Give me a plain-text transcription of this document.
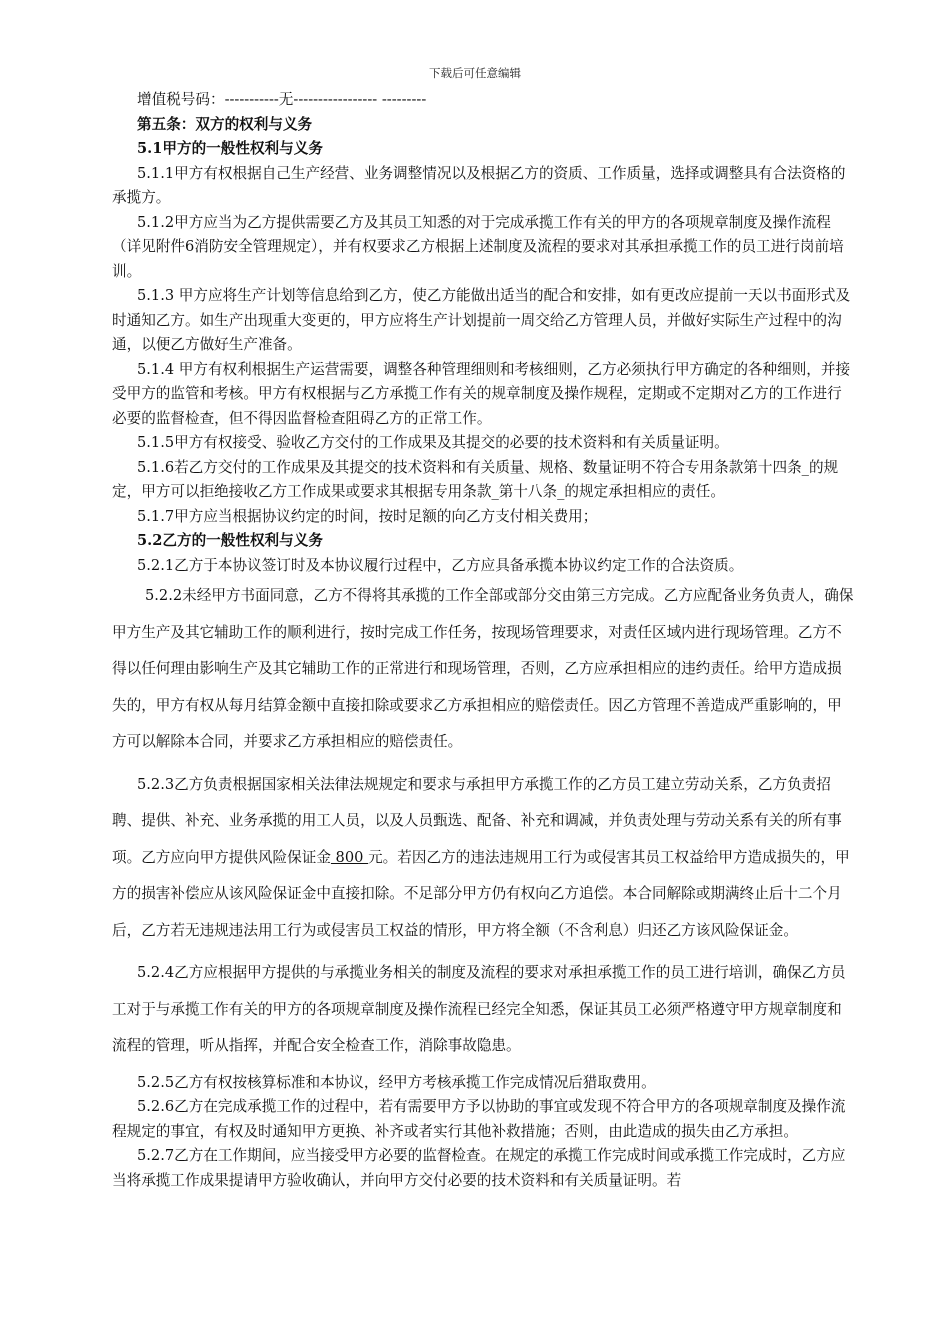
下载后可任意编辑

增值税号码：-----------无----------------- ---------

第五条：双方的权利与义务

5.1甲方的一般性权利与义务

5.1.1甲方有权根据自己生产经营、业务调整情况以及根据乙方的资质、工作质量，选择或调整具有合法资格的承揽方。

5.1.2甲方应当为乙方提供需要乙方及其员工知悉的对于完成承揽工作有关的甲方的各项规章制度及操作流程（详见附件6消防安全管理规定），并有权要求乙方根据上述制度及流程的要求对其承担承揽工作的员工进行岗前培训。

5.1.3 甲方应将生产计划等信息给到乙方，使乙方能做出适当的配合和安排，如有更改应提前一天以书面形式及时通知乙方。如生产出现重大变更的，甲方应将生产计划提前一周交给乙方管理人员，并做好实际生产过程中的沟通，以便乙方做好生产准备。

5.1.4 甲方有权利根据生产运营需要，调整各种管理细则和考核细则，乙方必须执行甲方确定的各种细则，并接受甲方的监管和考核。甲方有权根据与乙方承揽工作有关的规章制度及操作规程，定期或不定期对乙方的工作进行必要的监督检查，但不得因监督检查阻碍乙方的正常工作。

5.1.5甲方有权接受、验收乙方交付的工作成果及其提交的必要的技术资料和有关质量证明。

5.1.6若乙方交付的工作成果及其提交的技术资料和有关质量、规格、数量证明不符合专用条款第十四条_的规定，甲方可以拒绝接收乙方工作成果或要求其根据专用条款_第十八条_的规定承担相应的责任。

5.1.7甲方应当根据协议约定的时间，按时足额的向乙方支付相关费用；

5.2乙方的一般性权利与义务

5.2.1乙方于本协议签订时及本协议履行过程中，乙方应具备承揽本协议约定工作的合法资质。

5.2.2未经甲方书面同意，乙方不得将其承揽的工作全部或部分交由第三方完成。乙方应配备业务负责人，确保甲方生产及其它辅助工作的顺利进行，按时完成工作任务，按现场管理要求，对责任区域内进行现场管理。乙方不得以任何理由影响生产及其它辅助工作的正常进行和现场管理，否则，乙方应承担相应的违约责任。给甲方造成损失的，甲方有权从每月结算金额中直接扣除或要求乙方承担相应的赔偿责任。因乙方管理不善造成严重影响的，甲方可以解除本合同，并要求乙方承担相应的赔偿责任。

5.2.3乙方负责根据国家相关法律法规规定和要求与承担甲方承揽工作的乙方员工建立劳动关系，乙方负责招聘、提供、补充、业务承揽的用工人员，以及人员甄选、配备、补充和调减，并负责处理与劳动关系有关的所有事项。乙方应向甲方提供风险保证金 800 元。若因乙方的违法违规用工行为或侵害其员工权益给甲方造成损失的，甲方的损害补偿应从该风险保证金中直接扣除。不足部分甲方仍有权向乙方追偿。本合同解除或期满终止后十二个月后，乙方若无违规违法用工行为或侵害员工权益的情形，甲方将全额（不含利息）归还乙方该风险保证金。

5.2.4乙方应根据甲方提供的与承揽业务相关的制度及流程的要求对承担承揽工作的员工进行培训，确保乙方员工对于与承揽工作有关的甲方的各项规章制度及操作流程已经完全知悉，保证其员工必须严格遵守甲方规章制度和流程的管理，听从指挥，并配合安全检查工作，消除事故隐患。

5.2.5乙方有权按核算标准和本协议，经甲方考核承揽工作完成情况后猎取费用。

5.2.6乙方在完成承揽工作的过程中，若有需要甲方予以协助的事宜或发现不符合甲方的各项规章制度及操作流程规定的事宜，有权及时通知甲方更换、补齐或者实行其他补救措施；否则，由此造成的损失由乙方承担。

5.2.7乙方在工作期间，应当接受甲方必要的监督检查。在规定的承揽工作完成时间或承揽工作完成时，乙方应当将承揽工作成果提请甲方验收确认，并向甲方交付必要的技术资料和有关质量证明。若
